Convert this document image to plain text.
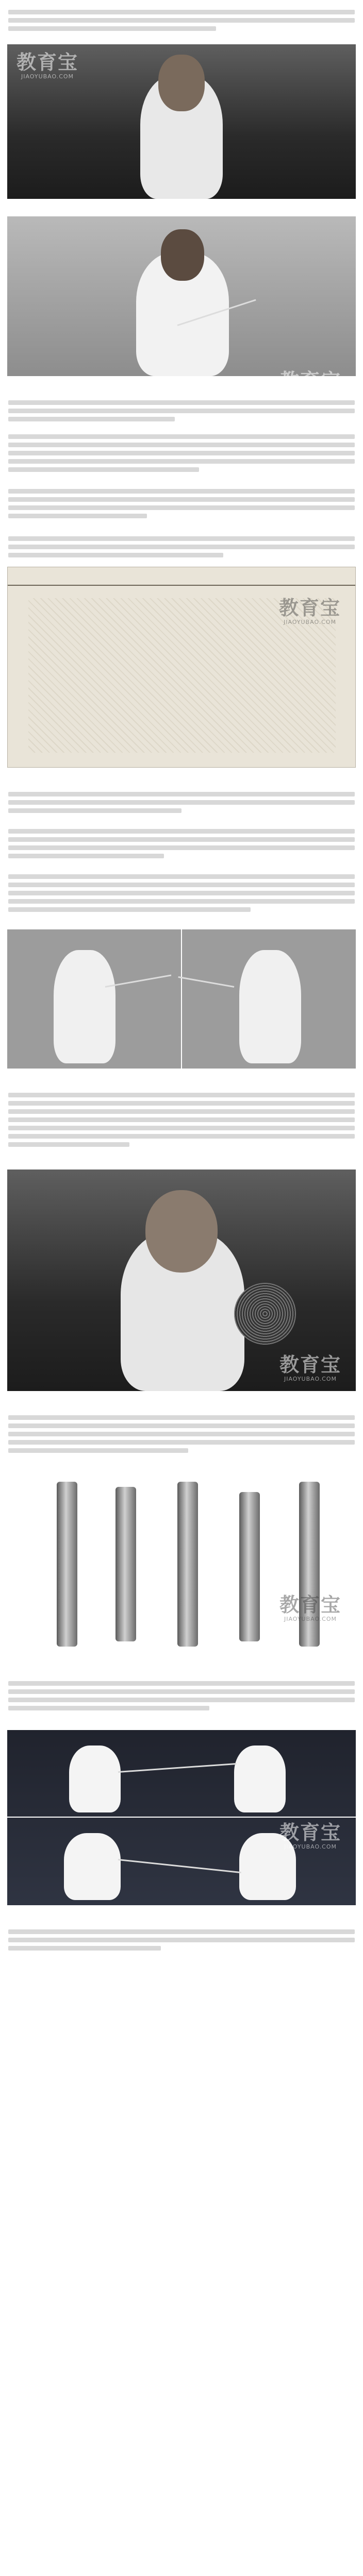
教育宝
JIAOYUBAO.COM
教育宝
JIAOYUBAO.COM
教育宝
JIAOYUBAO.COM
教育宝
JIAOYUBAO.COM
教育宝
JIAOYUBAO.COM
教育宝
JIAOYUBAO.COM
